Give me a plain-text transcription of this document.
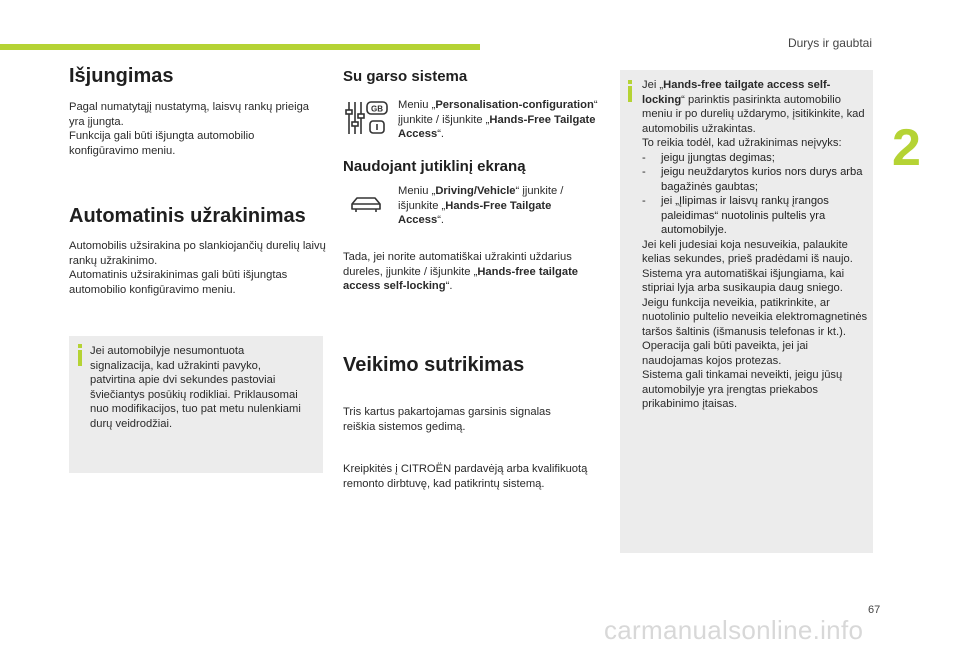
Durys ir gaubtai
2
Išjungimas

Pagal numatytąjį nustatymą, laisvų rankų prieiga yra įjungta.

Funkcija gali būti išjungta automobilio konfigūravimo meniu.

Automatinis užrakinimas

Automobilis užsirakina po slankiojančių durelių laivų rankų užrakinimo.

Automatinis užsirakinimas gali būti išjungtas automobilio konfigūravimo meniu.

Jei automobilyje nesumontuota signalizacija, kad užrakinti pavyko, patvirtina apie dvi sekundes pastoviai šviečiantys posūkių rodikliai. Priklausomai nuo modifikacijos, tuo pat metu nulenkiami durų veidrodžiai.

Su garso sistema
GB Meniu „Personalisation-configuration“ įjunkite / išjunkite „Hands-Free Tailgate Access“.

Naudojant jutiklinį ekraną

Meniu „Driving/Vehicle“ įjunkite / išjunkite „Hands-Free Tailgate Access“.

Tada, jei norite automatiškai užrakinti uždarius dureles, įjunkite / išjunkite „Hands-free tailgate access self-locking“.

Veikimo sutrikimas

Tris kartus pakartojamas garsinis signalas reiškia sistemos gedimą.

Kreipkitės į CITROËN pardavėją arba kvalifikuotą remonto dirbtuvę, kad patikrintų sistemą.

Jei „Hands-free tailgate access self-locking“ parinktis pasirinkta automobilio meniu ir po durelių uždarymo, įsitikinkite, kad automobilis užrakintas.

To reikia todėl, kad užrakinimas neįvyks:

- jeigu įjungtas degimas;
- jeigu neuždarytos kurios nors durys arba bagažinės gaubtas;
- jei „Įlipimas ir laisvų rankų įrangos paleidimas“ nuotolinis pultelis yra automobilyje.

Jei keli judesiai koja nesuveikia, palaukite kelias sekundes, prieš pradėdami iš naujo.

Sistema yra automatiškai išjungiama, kai stipriai lyja arba susikaupia daug sniego.

Jeigu funkcija neveikia, patikrinkite, ar nuotolinio pultelio neveikia elektromagnetinės taršos šaltinis (išmanusis telefonas ir kt.).

Operacija gali būti paveikta, jei jai naudojamas kojos protezas.

Sistema gali tinkamai neveikti, jeigu jūsų automobilyje yra įrengtas priekabos prikabinimo įtaisas.

67
carmanualsonline.info
